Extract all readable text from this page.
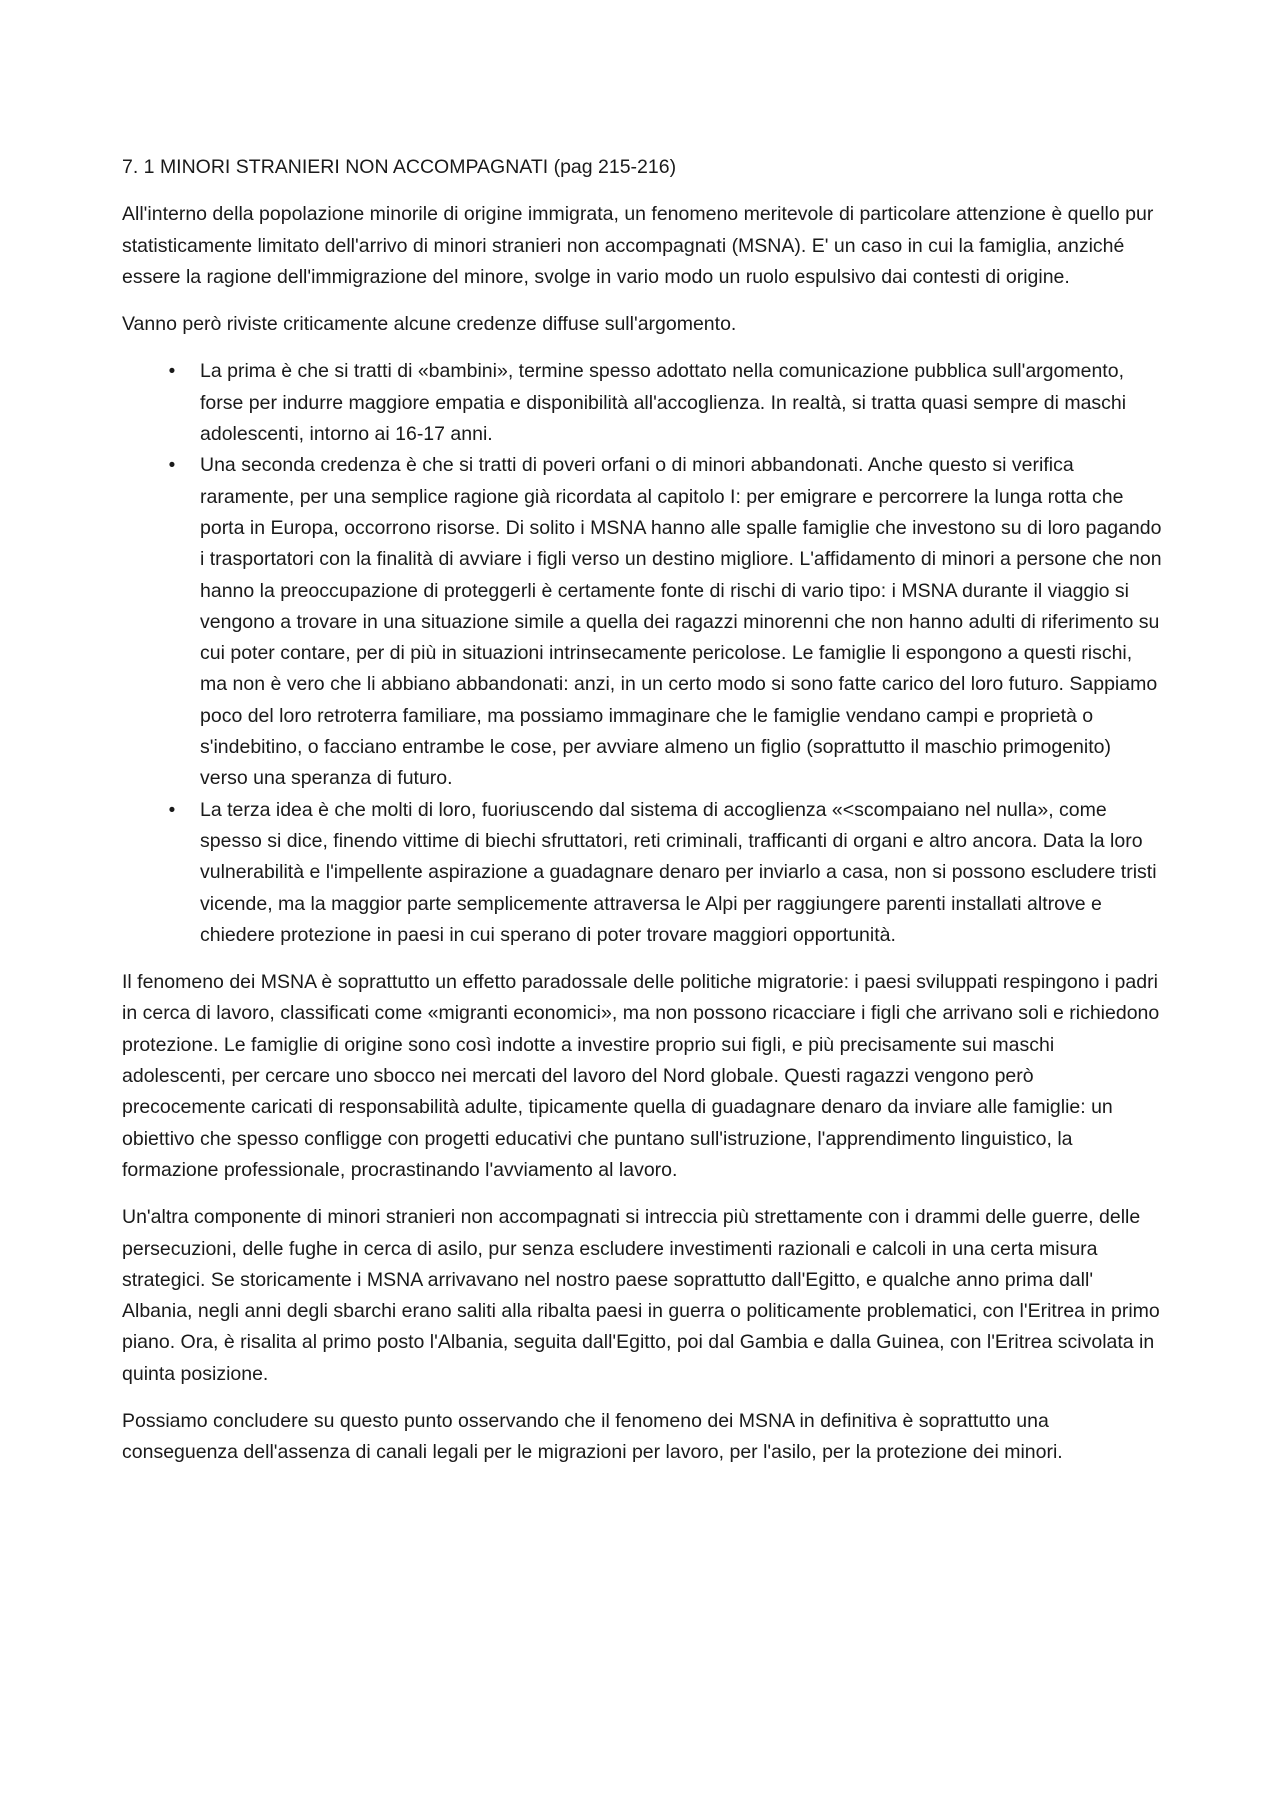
7. 1 MINORI STRANIERI NON ACCOMPAGNATI (pag 215-216)

All'interno della popolazione minorile di origine immigrata, un fenomeno meritevole di particolare attenzione è quello pur statisticamente limitato dell'arrivo di minori stranieri non accompagnati (MSNA). E' un caso in cui la famiglia, anziché essere la ragione dell'immigrazione del minore, svolge in vario modo un ruolo espulsivo dai contesti di origine.

Vanno però riviste criticamente alcune credenze diffuse sull'argomento.

•	La prima è che si tratti di «bambini», termine spesso adottato nella comunicazione pubblica sull'argomento, forse per indurre maggiore empatia e disponibilità all'accoglienza. In realtà, si tratta quasi sempre di maschi adolescenti, intorno ai 16-17 anni.
•	Una seconda credenza è che si tratti di poveri orfani o di minori abbandonati. Anche questo si verifica raramente, per una semplice ragione già ricordata al capitolo I: per emigrare e percorrere la lunga rotta che porta in Europa, occorrono risorse. Di solito i MSNA hanno alle spalle famiglie che investono su di loro pagando i trasportatori con la finalità di avviare i figli verso un destino migliore. L'affidamento di minori a persone che non hanno la preoccupazione di proteggerli è certamente fonte di rischi di vario tipo: i MSNA durante il viaggio si vengono a trovare in una situazione simile a quella dei ragazzi minorenni che non hanno adulti di riferimento su cui poter contare, per di più in situazioni intrinsecamente pericolose. Le famiglie li espongono a questi rischi, ma non è vero che li abbiano abbandonati: anzi, in un certo modo si sono fatte carico del loro futuro. Sappiamo poco del loro retroterra familiare, ma possiamo immaginare che le famiglie vendano campi e proprietà o s'indebitino, o facciano entrambe le cose, per avviare almeno un figlio (soprattutto il maschio primogenito) verso una speranza di futuro.
•	La terza idea è che molti di loro, fuoriuscendo dal sistema di accoglienza «<scompaiano nel nulla», come spesso si dice, finendo vittime di biechi sfruttatori, reti criminali, trafficanti di organi e altro ancora. Data la loro vulnerabilità e l'impellente aspirazione a guadagnare denaro per inviarlo a casa, non si possono escludere tristi vicende, ma la maggior parte semplicemente attraversa le Alpi per raggiungere parenti installati altrove e chiedere protezione in paesi in cui sperano di poter trovare maggiori opportunità.

Il fenomeno dei MSNA è soprattutto un effetto paradossale delle politiche migratorie: i paesi sviluppati respingono i padri in cerca di lavoro, classificati come «migranti economici», ma non possono ricacciare i figli che arrivano soli e richiedono protezione. Le famiglie di origine sono così indotte a investire proprio sui figli, e più precisamente sui maschi adolescenti, per cercare uno sbocco nei mercati del lavoro del Nord globale. Questi ragazzi vengono però precocemente caricati di responsabilità adulte, tipicamente quella di guadagnare denaro da inviare alle famiglie: un obiettivo che spesso confligge con progetti educativi che puntano sull'istruzione, l'apprendimento linguistico, la formazione professionale, procrastinando l'avviamento al lavoro.

Un'altra componente di minori stranieri non accompagnati si intreccia più strettamente con i drammi delle guerre, delle persecuzioni, delle fughe in cerca di asilo, pur senza escludere investimenti razionali e calcoli in una certa misura strategici. Se storicamente i MSNA arrivavano nel nostro paese soprattutto dall'Egitto, e qualche anno prima dall' Albania, negli anni degli sbarchi erano saliti alla ribalta paesi in guerra o politicamente problematici, con l'Eritrea in primo piano. Ora, è risalita al primo posto l'Albania, seguita dall'Egitto, poi dal Gambia e dalla Guinea, con l'Eritrea scivolata in quinta posizione.

Possiamo concludere su questo punto osservando che il fenomeno dei MSNA in definitiva è soprattutto una conseguenza dell'assenza di canali legali per le migrazioni per lavoro, per l'asilo, per la protezione dei minori.
